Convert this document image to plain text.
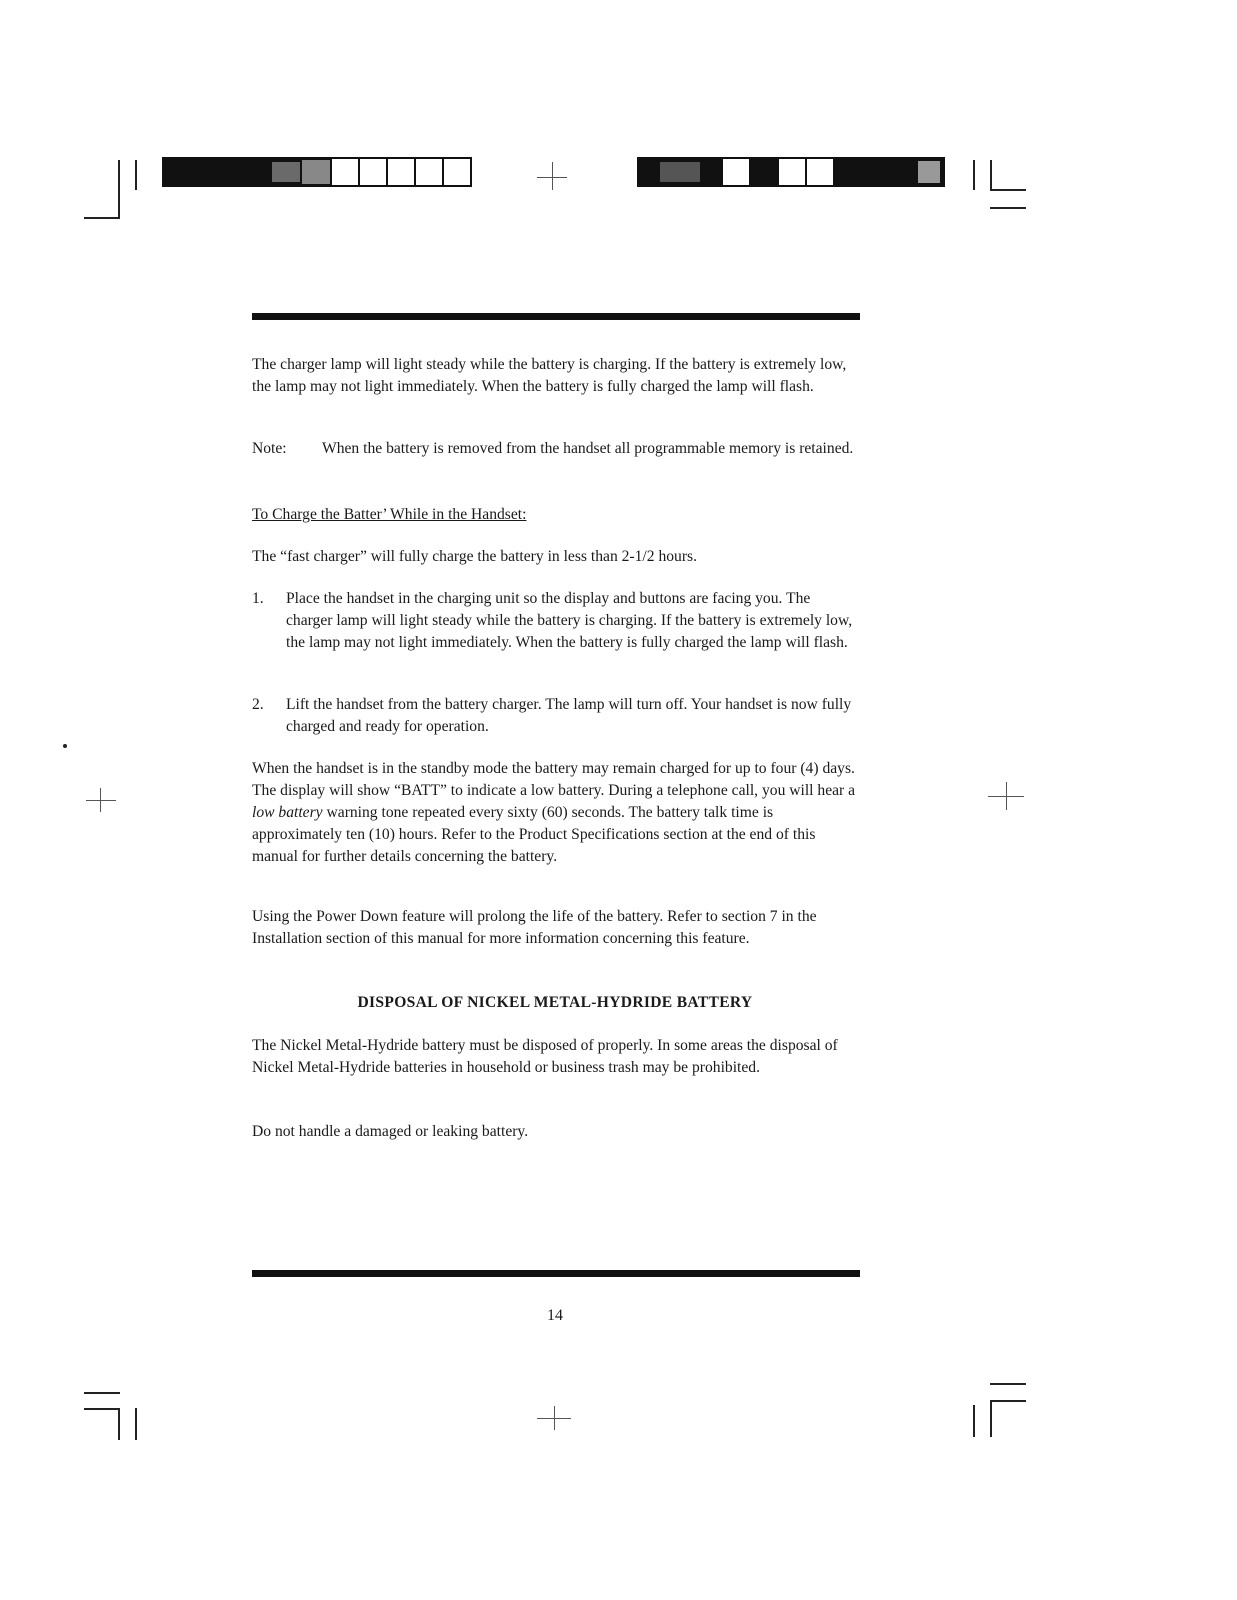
The charger lamp will light steady while the battery is charging. If the battery is extremely low, the lamp may not light immediately. When the battery is fully charged the lamp will flash.

Note: When the battery is removed from the handset all programmable memory is retained.

To Charge the Batter’ While in the Handset:

The “fast charger” will fully charge the battery in less than 2-1/2 hours.

1. Place the handset in the charging unit so the display and buttons are facing you. The charger lamp will light steady while the battery is charging. If the battery is extremely low, the lamp may not light immediately. When the battery is fully charged the lamp will flash.
2. Lift the handset from the battery charger. The lamp will turn off. Your handset is now fully charged and ready for operation.

When the handset is in the standby mode the battery may remain charged for up to four (4) days. The display will show “BATT” to indicate a low battery. During a telephone call, you will hear a low battery warning tone repeated every sixty (60) seconds. The battery talk time is approximately ten (10) hours. Refer to the Product Specifications section at the end of this manual for further details concerning the battery.

Using the Power Down feature will prolong the life of the battery. Refer to section 7 in the Installation section of this manual for more information concerning this feature.

DISPOSAL OF NICKEL METAL-HYDRIDE BATTERY

The Nickel Metal-Hydride battery must be disposed of properly. In some areas the disposal of Nickel Metal-Hydride batteries in household or business trash may be prohibited.

Do not handle a damaged or leaking battery.

14
